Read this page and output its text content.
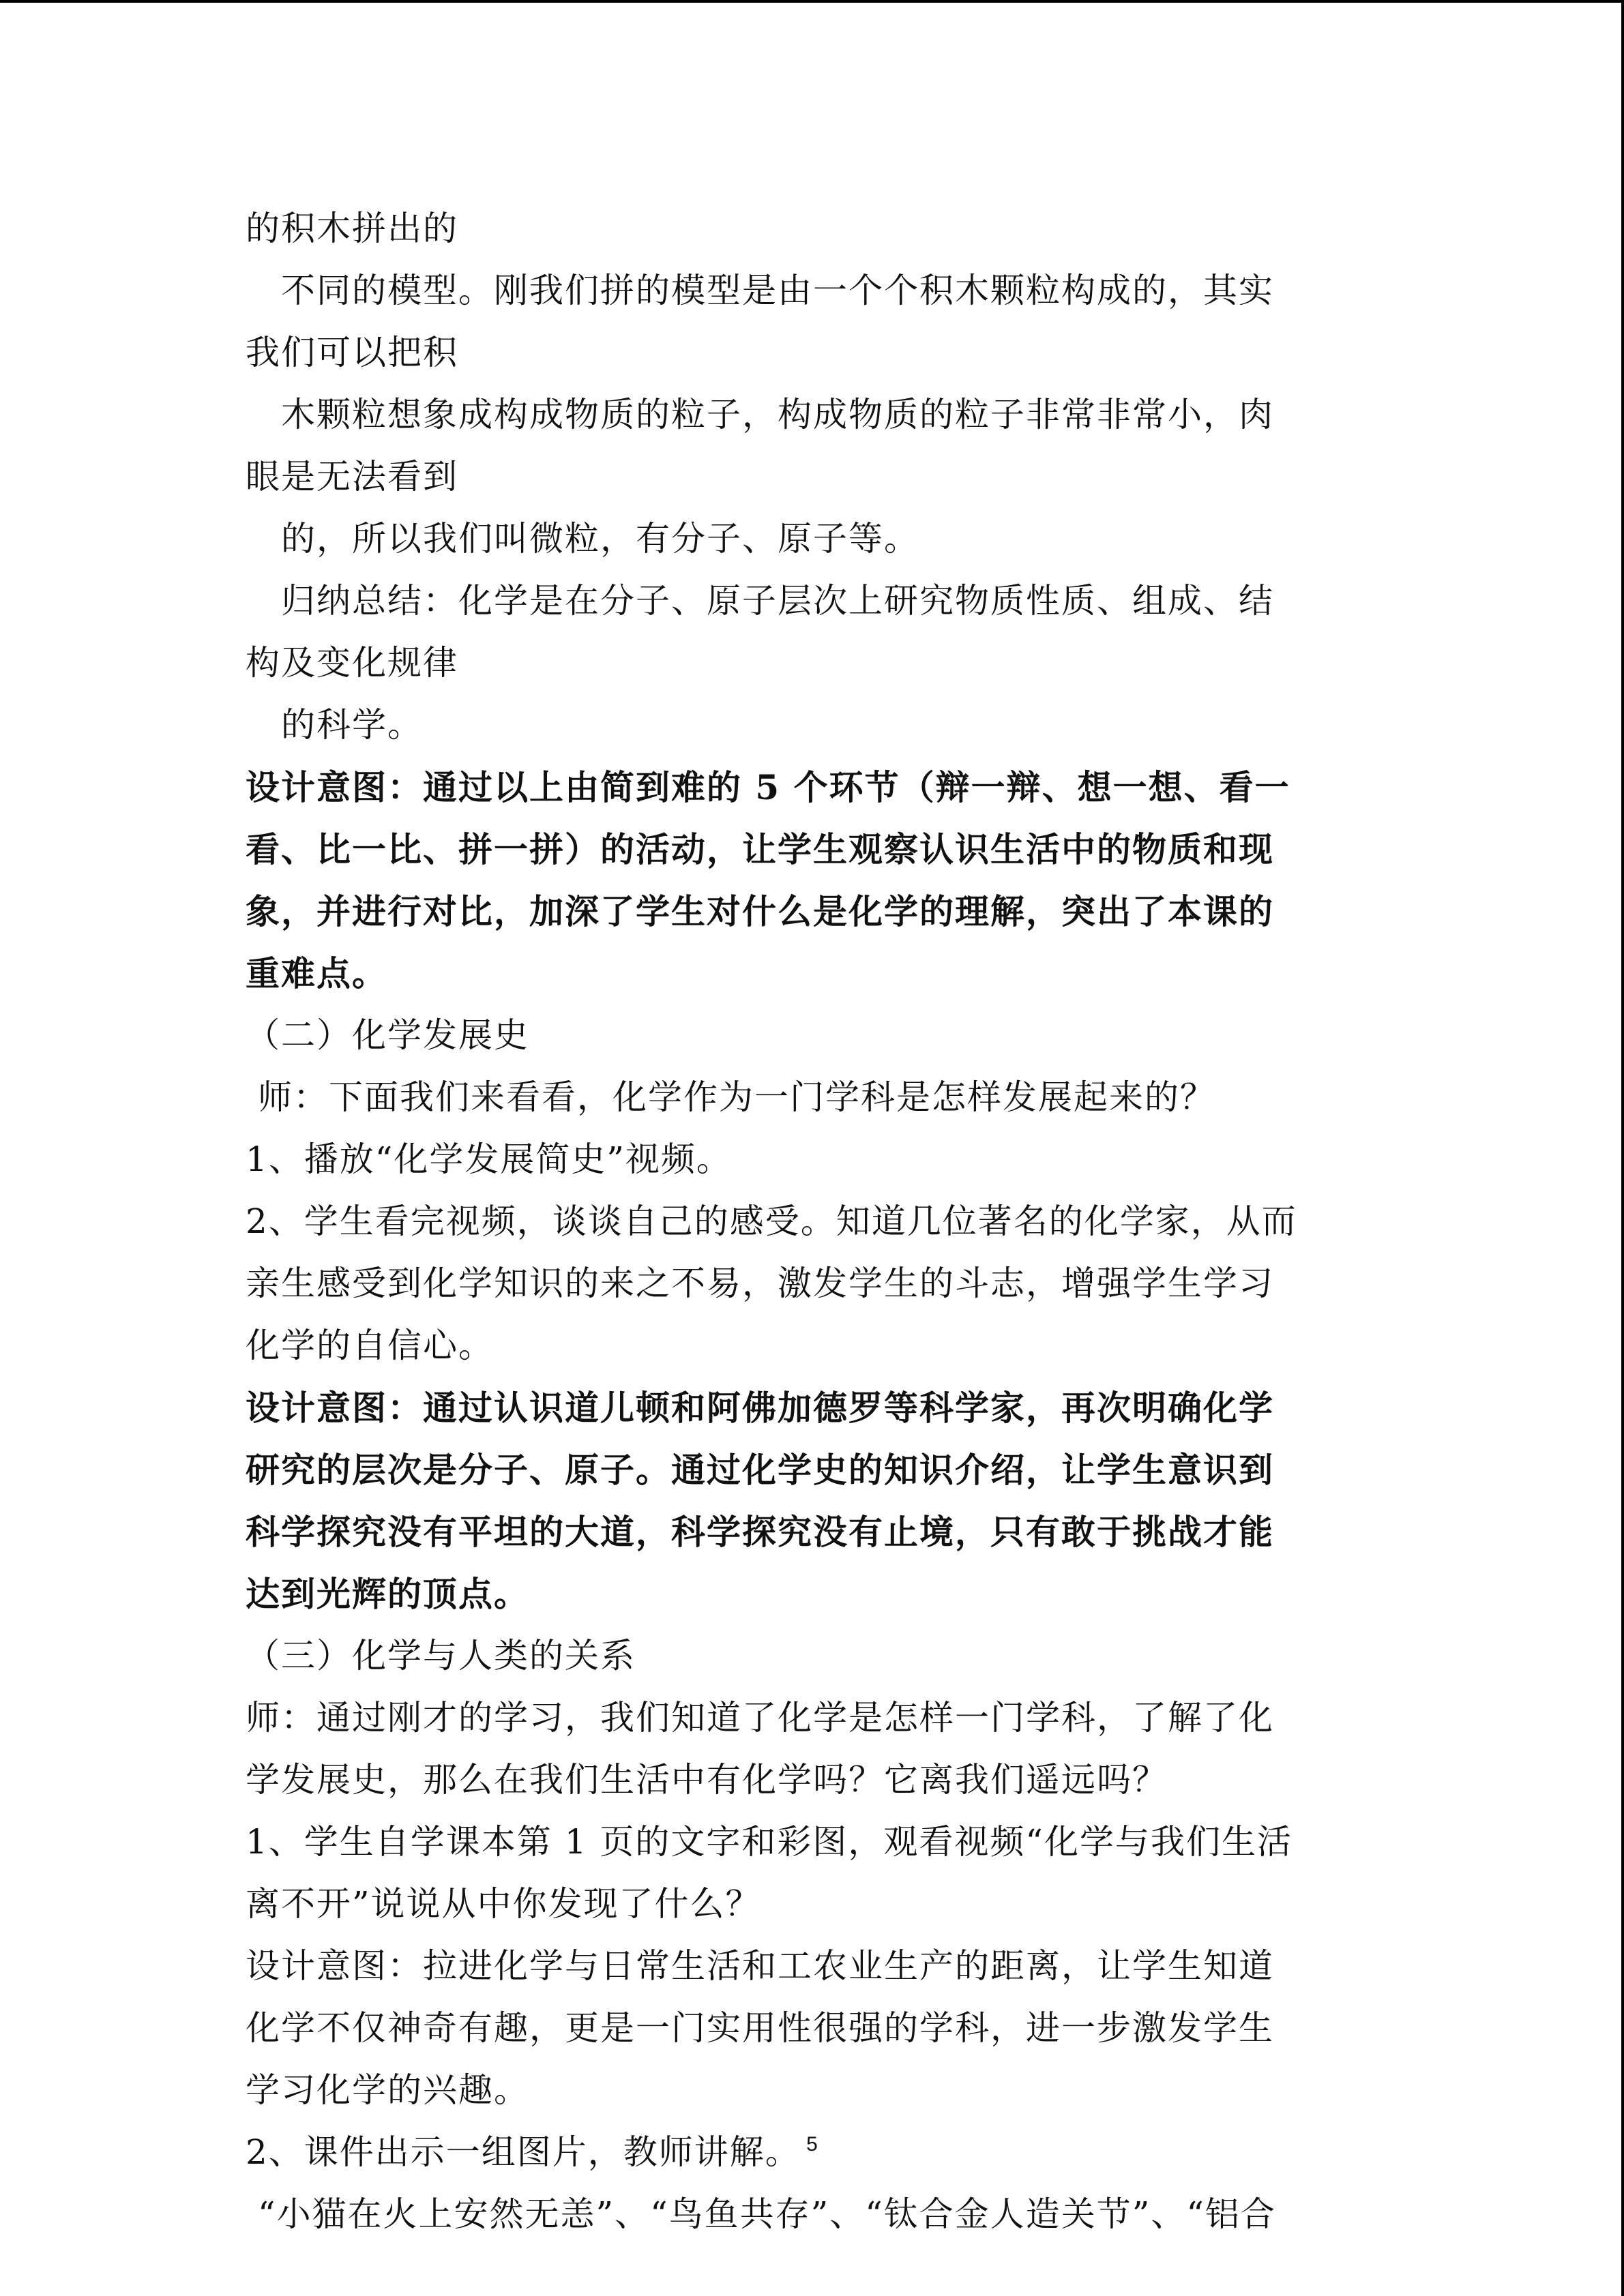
的积木拼出的
不同的模型。刚我们拼的模型是由一个个积木颗粒构成的，其实
我们可以把积
木颗粒想象成构成物质的粒子，构成物质的粒子非常非常小，肉
眼是无法看到
的，所以我们叫微粒，有分子、原子等。
归纳总结：化学是在分子、原子层次上研究物质性质、组成、结
构及变化规律
的科学。
设计意图：通过以上由简到难的 5 个环节（辩一辩、想一想、看一
看、比一比、拼一拼）的活动，让学生观察认识生活中的物质和现
象，并进行对比，加深了学生对什么是化学的理解，突出了本课的
重难点。
（二）化学发展史
师：下面我们来看看，化学作为一门学科是怎样发展起来的？
1、播放“化学发展简史”视频。
2、学生看完视频，谈谈自己的感受。知道几位著名的化学家，从而
亲生感受到化学知识的来之不易，激发学生的斗志，增强学生学习
化学的自信心。
设计意图：通过认识道儿顿和阿佛加德罗等科学家，再次明确化学
研究的层次是分子、原子。通过化学史的知识介绍，让学生意识到
科学探究没有平坦的大道，科学探究没有止境，只有敢于挑战才能
达到光辉的顶点。
（三）化学与人类的关系
师：通过刚才的学习，我们知道了化学是怎样一门学科，了解了化
学发展史，那么在我们生活中有化学吗？它离我们遥远吗？
1、学生自学课本第 1 页的文字和彩图，观看视频“化学与我们生活
离不开”说说从中你发现了什么？
设计意图：拉进化学与日常生活和工农业生产的距离，让学生知道
化学不仅神奇有趣，更是一门实用性很强的学科，进一步激发学生
学习化学的兴趣。
2、课件出示一组图片，教师讲解。
“小猫在火上安然无恙”、“鸟鱼共存”、“钛合金人造关节”、“铝合
5
